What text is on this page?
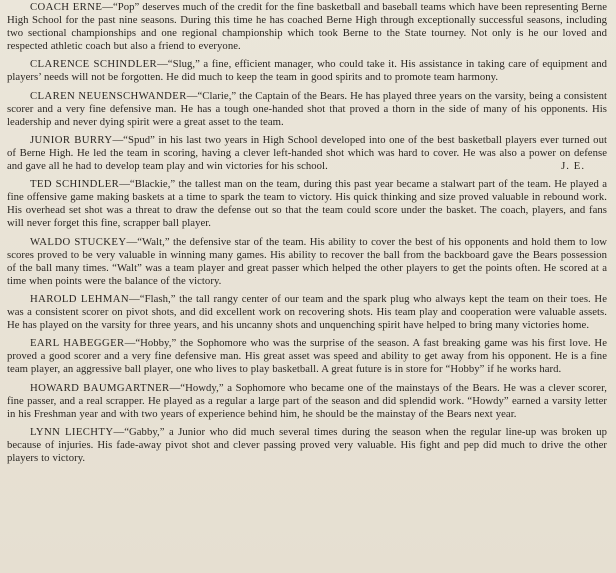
COACH ERNE—“Pop” deserves much of the credit for the fine basketball and baseball teams which have been representing Berne High School for the past nine seasons. During this time he has coached Berne High through exceptionally successful seasons, including two sectional championships and one regional championship which took Berne to the State tourney. Not only is he our loved and respected athletic coach but also a friend to everyone.

CLARENCE SCHINDLER—“Slug,” a fine, efficient manager, who could take it. His assistance in taking care of equipment and players’ needs will not be forgotten. He did much to keep the team in good spirits and to promote team harmony.

CLAREN NEUENSCHWANDER—“Clarie,” the Captain of the Bears. He has played three years on the varsity, being a consistent scorer and a very fine defensive man. He has a tough one-handed shot that proved a thorn in the side of many of his opponents. His leadership and never dying spirit were a great asset to the team.

JUNIOR BURRY—“Spud” in his last two years in High School developed into one of the best basketball players ever turned out of Berne High. He led the team in scoring, having a clever left-handed shot which was hard to cover. He was also a power on defense and gave all he had to develop team play and win victories for his school.	J. E.

TED SCHINDLER—“Blackie,” the tallest man on the team, during this past year became a stalwart part of the team. He played a fine offensive game making baskets at a time to spark the team to victory. His quick thinking and size proved valuable in rebound work. His overhead set shot was a threat to draw the defense out so that the team could score under the basket. The coach, players, and fans will never forget this fine, scrapper ball player.

WALDO STUCKEY—“Walt,” the defensive star of the team. His ability to cover the best of his opponents and hold them to low scores proved to be very valuable in winning many games. His ability to recover the ball from the backboard gave the Bears possession of the ball many times. “Walt” was a team player and great passer which helped the other players to get the points often. He scored at a time when points were the balance of the victory.

HAROLD LEHMAN—“Flash,” the tall rangy center of our team and the spark plug who always kept the team on their toes. He was a consistent scorer on pivot shots, and did excellent work on recovering shots. His team play and cooperation were valuable assets. He has played on the varsity for three years, and his uncanny shots and unquenching spirit have helped to bring many victories home.

EARL HABEGGER—“Hobby,” the Sophomore who was the surprise of the season. A fast breaking game was his first love. He proved a good scorer and a very fine defensive man. His great asset was speed and ability to get away from his opponent. He is a fine team player, an aggressive ball player, one who lives to play basketball. A great future is in store for “Hobby” if he works hard.

HOWARD BAUMGARTNER—“Howdy,” a Sophomore who became one of the mainstays of the Bears. He was a clever scorer, fine passer, and a real scrapper. He played as a regular a large part of the season and did splendid work. “Howdy” earned a varsity letter in his Freshman year and with two years of experience behind him, he should be the mainstay of the Bears next year.

LYNN LIECHTY—“Gabby,” a Junior who did much several times during the season when the regular line-up was broken up because of injuries. His fade-away pivot shot and clever passing proved very valuable. His fight and pep did much to drive the other players to victory.
